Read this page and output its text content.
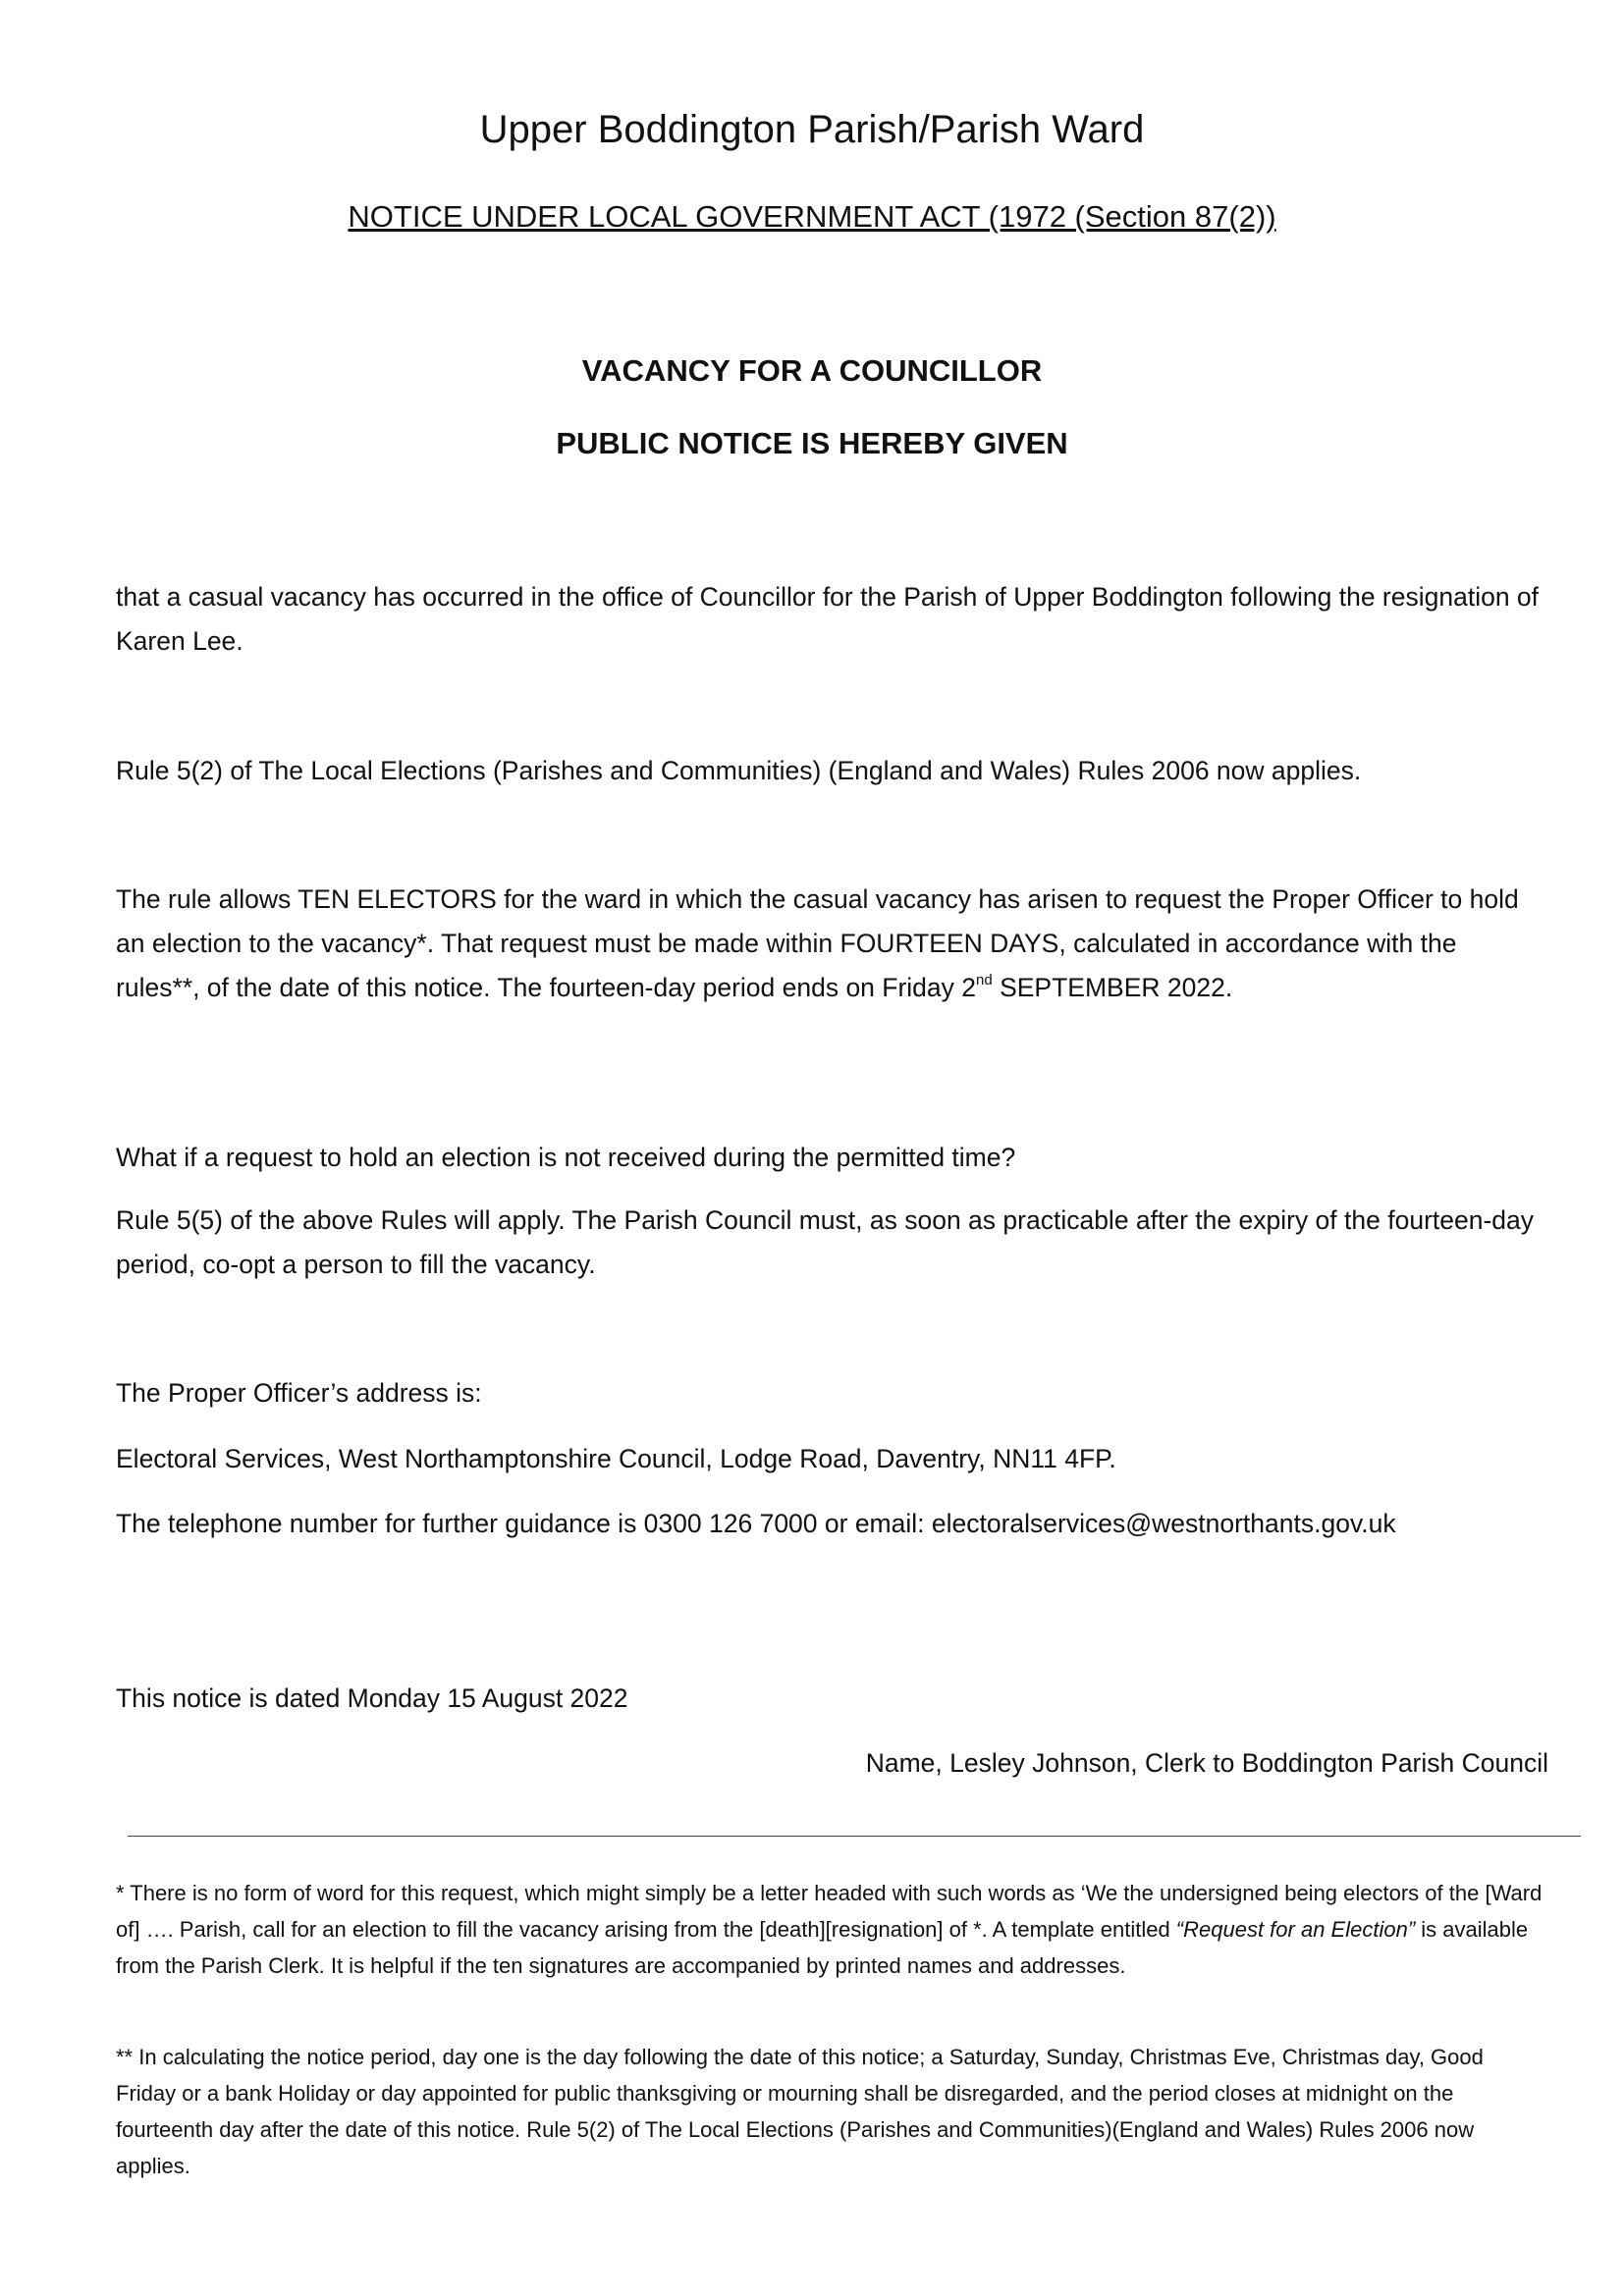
Upper Boddington Parish/Parish Ward
NOTICE UNDER LOCAL GOVERNMENT ACT (1972 (Section 87(2))
VACANCY FOR A COUNCILLOR
PUBLIC NOTICE IS HEREBY GIVEN

that a casual vacancy has occurred in the office of Councillor for the Parish of Upper Boddington following the resignation of Karen Lee.

Rule 5(2) of The Local Elections (Parishes and Communities) (England and Wales) Rules 2006 now applies.

The rule allows TEN ELECTORS for the ward in which the casual vacancy has arisen to request the Proper Officer to hold an election to the vacancy*. That request must be made within FOURTEEN DAYS, calculated in accordance with the rules**, of the date of this notice. The fourteen-day period ends on Friday 2nd SEPTEMBER 2022.

What if a request to hold an election is not received during the permitted time?

Rule 5(5) of the above Rules will apply. The Parish Council must, as soon as practicable after the expiry of the fourteen-day period, co-opt a person to fill the vacancy.

The Proper Officer’s address is:

Electoral Services, West Northamptonshire Council, Lodge Road, Daventry, NN11 4FP.

The telephone number for further guidance is 0300 126 7000 or email: electoralservices@westnorthants.gov.uk

This notice is dated Monday 15 August 2022

Name, Lesley Johnson, Clerk to Boddington Parish Council

* There is no form of word for this request, which might simply be a letter headed with such words as ‘We the undersigned being electors of the [Ward of] …. Parish, call for an election to fill the vacancy arising from the [death][resignation] of *. A template entitled “Request for an Election” is available from the Parish Clerk. It is helpful if the ten signatures are accompanied by printed names and addresses.

** In calculating the notice period, day one is the day following the date of this notice; a Saturday, Sunday, Christmas Eve, Christmas day, Good Friday or a bank Holiday or day appointed for public thanksgiving or mourning shall be disregarded, and the period closes at midnight on the fourteenth day after the date of this notice. Rule 5(2) of The Local Elections (Parishes and Communities)(England and Wales) Rules 2006 now applies.
